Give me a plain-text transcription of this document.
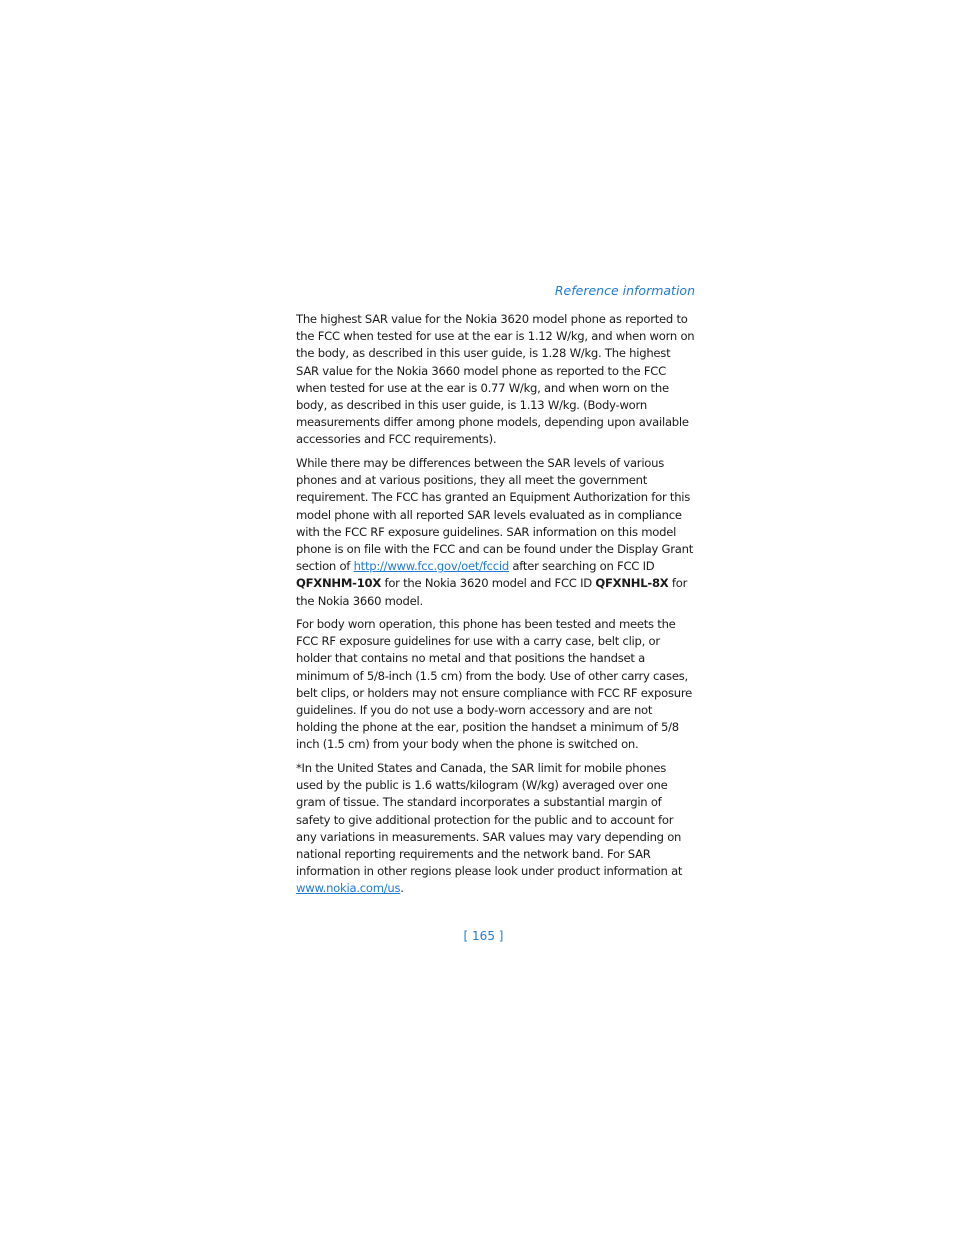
Reference information

The highest SAR value for the Nokia 3620 model phone as reported to the FCC when tested for use at the ear is 1.12 W/kg, and when worn on the body, as described in this user guide, is 1.28 W/kg. The highest SAR value for the Nokia 3660 model phone as reported to the FCC when tested for use at the ear is 0.77 W/kg, and when worn on the body, as described in this user guide, is 1.13 W/kg. (Body-worn measurements differ among phone models, depending upon available accessories and FCC requirements).

While there may be differences between the SAR levels of various phones and at various positions, they all meet the government requirement. The FCC has granted an Equipment Authorization for this model phone with all reported SAR levels evaluated as in compliance with the FCC RF exposure guidelines. SAR information on this model phone is on file with the FCC and can be found under the Display Grant section of http://www.fcc.gov/oet/fccid after searching on FCC ID QFXNHM-10X for the Nokia 3620 model and FCC ID QFXNHL-8X for the Nokia 3660 model.

For body worn operation, this phone has been tested and meets the FCC RF exposure guidelines for use with a carry case, belt clip, or holder that contains no metal and that positions the handset a minimum of 5/8-inch (1.5 cm) from the body. Use of other carry cases, belt clips, or holders may not ensure compliance with FCC RF exposure guidelines. If you do not use a body-worn accessory and are not holding the phone at the ear, position the handset a minimum of 5/8 inch (1.5 cm) from your body when the phone is switched on.

*In the United States and Canada, the SAR limit for mobile phones used by the public is 1.6 watts/kilogram (W/kg) averaged over one gram of tissue. The standard incorporates a substantial margin of safety to give additional protection for the public and to account for any variations in measurements. SAR values may vary depending on national reporting requirements and the network band. For SAR information in other regions please look under product information at www.nokia.com/us.

[ 165 ]
